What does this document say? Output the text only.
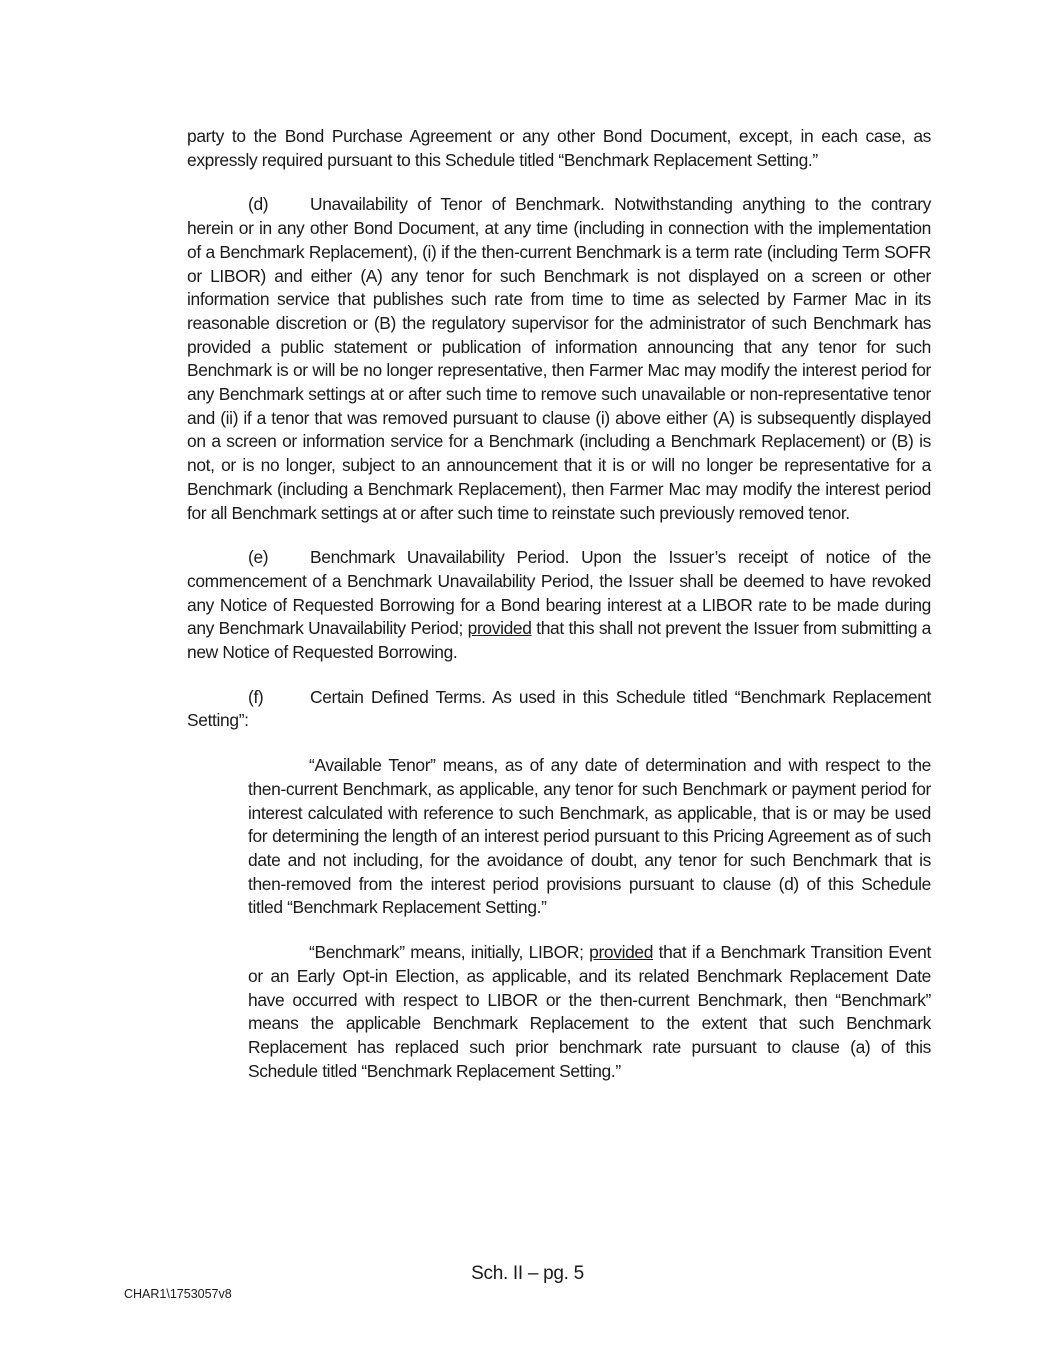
party to the Bond Purchase Agreement or any other Bond Document, except, in each case, as expressly required pursuant to this Schedule titled “Benchmark Replacement Setting.”

(d) Unavailability of Tenor of Benchmark. Notwithstanding anything to the contrary herein or in any other Bond Document, at any time (including in connection with the implementation of a Benchmark Replacement), (i) if the then-current Benchmark is a term rate (including Term SOFR or LIBOR) and either (A) any tenor for such Benchmark is not displayed on a screen or other information service that publishes such rate from time to time as selected by Farmer Mac in its reasonable discretion or (B) the regulatory supervisor for the administrator of such Benchmark has provided a public statement or publication of information announcing that any tenor for such Benchmark is or will be no longer representative, then Farmer Mac may modify the interest period for any Benchmark settings at or after such time to remove such unavailable or non-representative tenor and (ii) if a tenor that was removed pursuant to clause (i) above either (A) is subsequently displayed on a screen or information service for a Benchmark (including a Benchmark Replacement) or (B) is not, or is no longer, subject to an announcement that it is or will no longer be representative for a Benchmark (including a Benchmark Replacement), then Farmer Mac may modify the interest period for all Benchmark settings at or after such time to reinstate such previously removed tenor.

(e) Benchmark Unavailability Period. Upon the Issuer’s receipt of notice of the commencement of a Benchmark Unavailability Period, the Issuer shall be deemed to have revoked any Notice of Requested Borrowing for a Bond bearing interest at a LIBOR rate to be made during any Benchmark Unavailability Period; provided that this shall not prevent the Issuer from submitting a new Notice of Requested Borrowing.

(f)	Certain Defined Terms. As used in this Schedule titled “Benchmark Replacement Setting”:

“Available Tenor” means, as of any date of determination and with respect to the then-current Benchmark, as applicable, any tenor for such Benchmark or payment period for interest calculated with reference to such Benchmark, as applicable, that is or may be used for determining the length of an interest period pursuant to this Pricing Agreement as of such date and not including, for the avoidance of doubt, any tenor for such Benchmark that is then-removed from the interest period provisions pursuant to clause (d) of this Schedule titled “Benchmark Replacement Setting.”

“Benchmark” means, initially, LIBOR; provided that if a Benchmark Transition Event or an Early Opt-in Election, as applicable, and its related Benchmark Replacement Date have occurred with respect to LIBOR or the then-current Benchmark, then “Benchmark” means the applicable Benchmark Replacement to the extent that such Benchmark Replacement has replaced such prior benchmark rate pursuant to clause (a) of this Schedule titled “Benchmark Replacement Setting.”

Sch. II – pg. 5
CHAR1\1753057v8
